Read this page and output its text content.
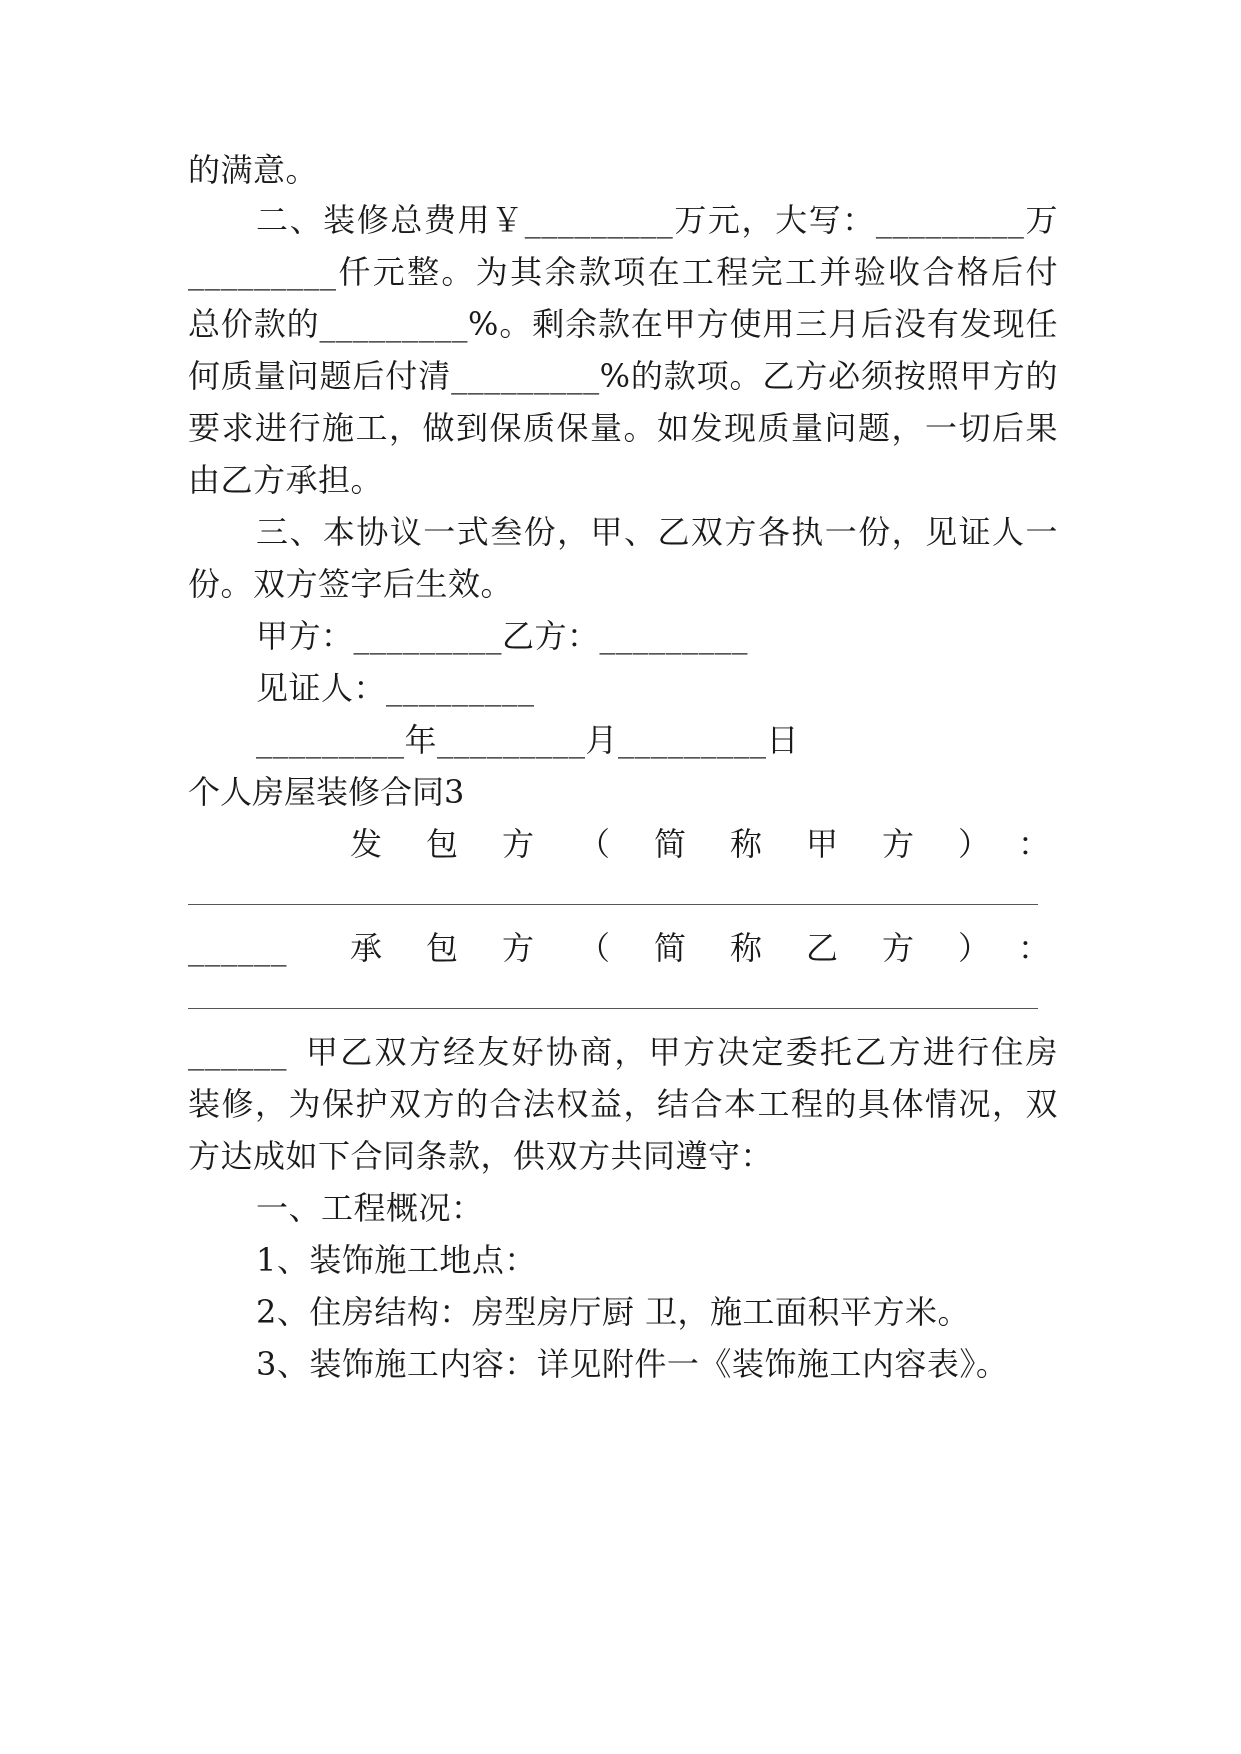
的满意。
二、装修总费用￥_________万元，大写：_________万
_________仟元整。为其余款项在工程完工并验收合格后付
总价款的_________%。剩余款在甲方使用三月后没有发现任
何质量问题后付清_________%的款项。乙方必须按照甲方的
要求进行施工，做到保质保量。如发现质量问题，一切后果
由乙方承担。
三、本协议一式叁份，甲、乙双方各执一份，见证人一
份。双方签字后生效。
甲方：_________乙方：_________
见证人：_________
_________年_________月_________日
个人房屋装修合同3
发包方（简称甲方）：
______ 承包方（简称乙方）：
______ 甲乙双方经友好协商，甲方决定委托乙方进行住房
装修，为保护双方的合法权益，结合本工程的具体情况，双
方达成如下合同条款，供双方共同遵守：
一、工程概况：
1、装饰施工地点：
2、住房结构：房型房厅厨 卫，施工面积平方米。
3、装饰施工内容：详见附件一《装饰施工内容表》。
